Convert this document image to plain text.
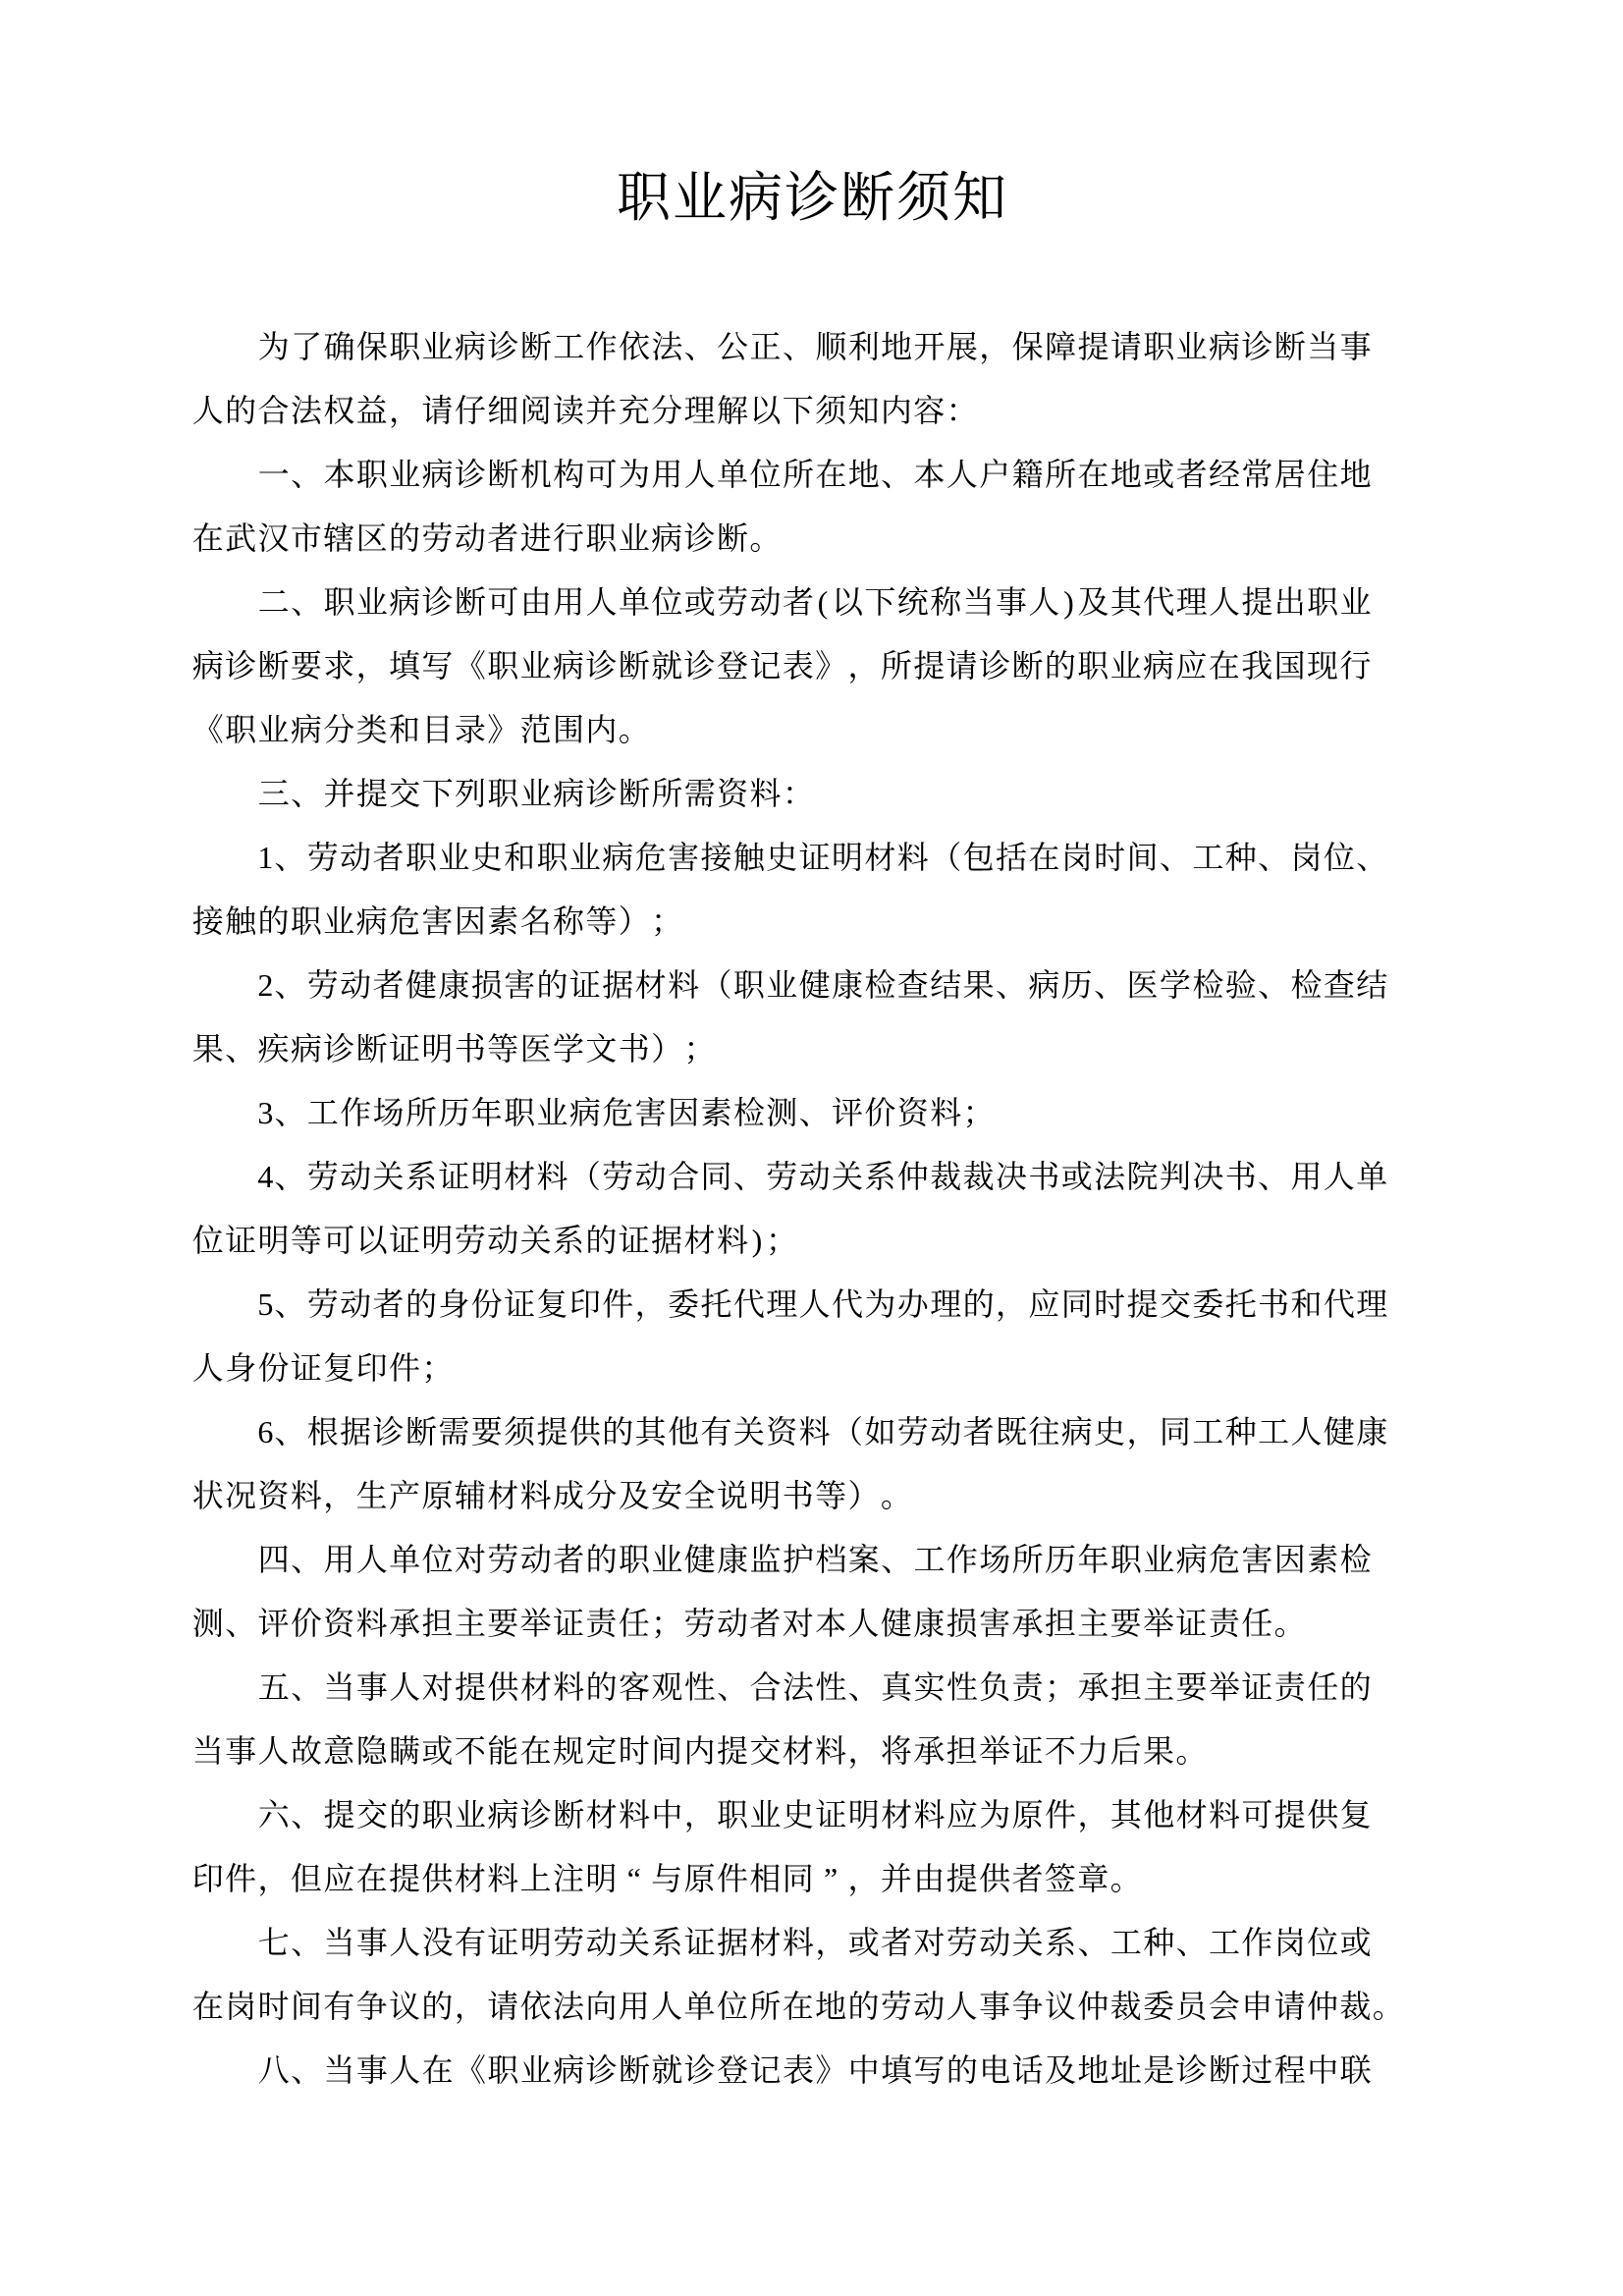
职业病诊断须知
为了确保职业病诊断工作依法、公正、顺利地开展，保障提请职业病诊断当事
人的合法权益，请仔细阅读并充分理解以下须知内容：
一、本职业病诊断机构可为用人单位所在地、本人户籍所在地或者经常居住地
在武汉市辖区的劳动者进行职业病诊断。
二、职业病诊断可由用人单位或劳动者 ( 以下统称当事人 ) 及其代理人提出职业
病诊断要求，填写《职业病诊断就诊登记表》，所提请诊断的职业病应在我国现行
《职业病分类和目录》范围内。
三、并提交下列职业病诊断所需资料：
1、劳动者职业史和职业病危害接触史证明材料（包括在岗时间、工种、岗位、
接触的职业病危害因素名称等）；
2、劳动者健康损害的证据材料（职业健康检查结果、病历、医学检验、检查结
果、疾病诊断证明书等医学文书）；
3、工作场所历年职业病危害因素检测、评价资料；
4、劳动关系证明材料（劳动合同、劳动关系仲裁裁决书或法院判决书、用人单
位证明等可以证明劳动关系的证据材料 ) ；
5、劳动者的身份证复印件，委托代理人代为办理的，应同时提交委托书和代理
人身份证复印件；
6、根据诊断需要须提供的其他有关资料（如劳动者既往病史，同工种工人健康
状况资料，生产原辅材料成分及安全说明书等）。
四、用人单位对劳动者的职业健康监护档案、工作场所历年职业病危害因素检
测、评价资料承担主要举证责任；劳动者对本人健康损害承担主要举证责任。
五、当事人对提供材料的客观性、合法性、真实性负责；承担主要举证责任的
当事人故意隐瞒或不能在规定时间内提交材料，将承担举证不力后果。
六、提交的职业病诊断材料中，职业史证明材料应为原件，其他材料可提供复
印件，但应在提供材料上注明 “ 与原件相同 ” ，并由提供者签章。
七、当事人没有证明劳动关系证据材料，或者对劳动关系、工种、工作岗位或
在岗时间有争议的，请依法向用人单位所在地的劳动人事争议仲裁委员会申请仲裁。
八、当事人在《职业病诊断就诊登记表》中填写的电话及地址是诊断过程中联
